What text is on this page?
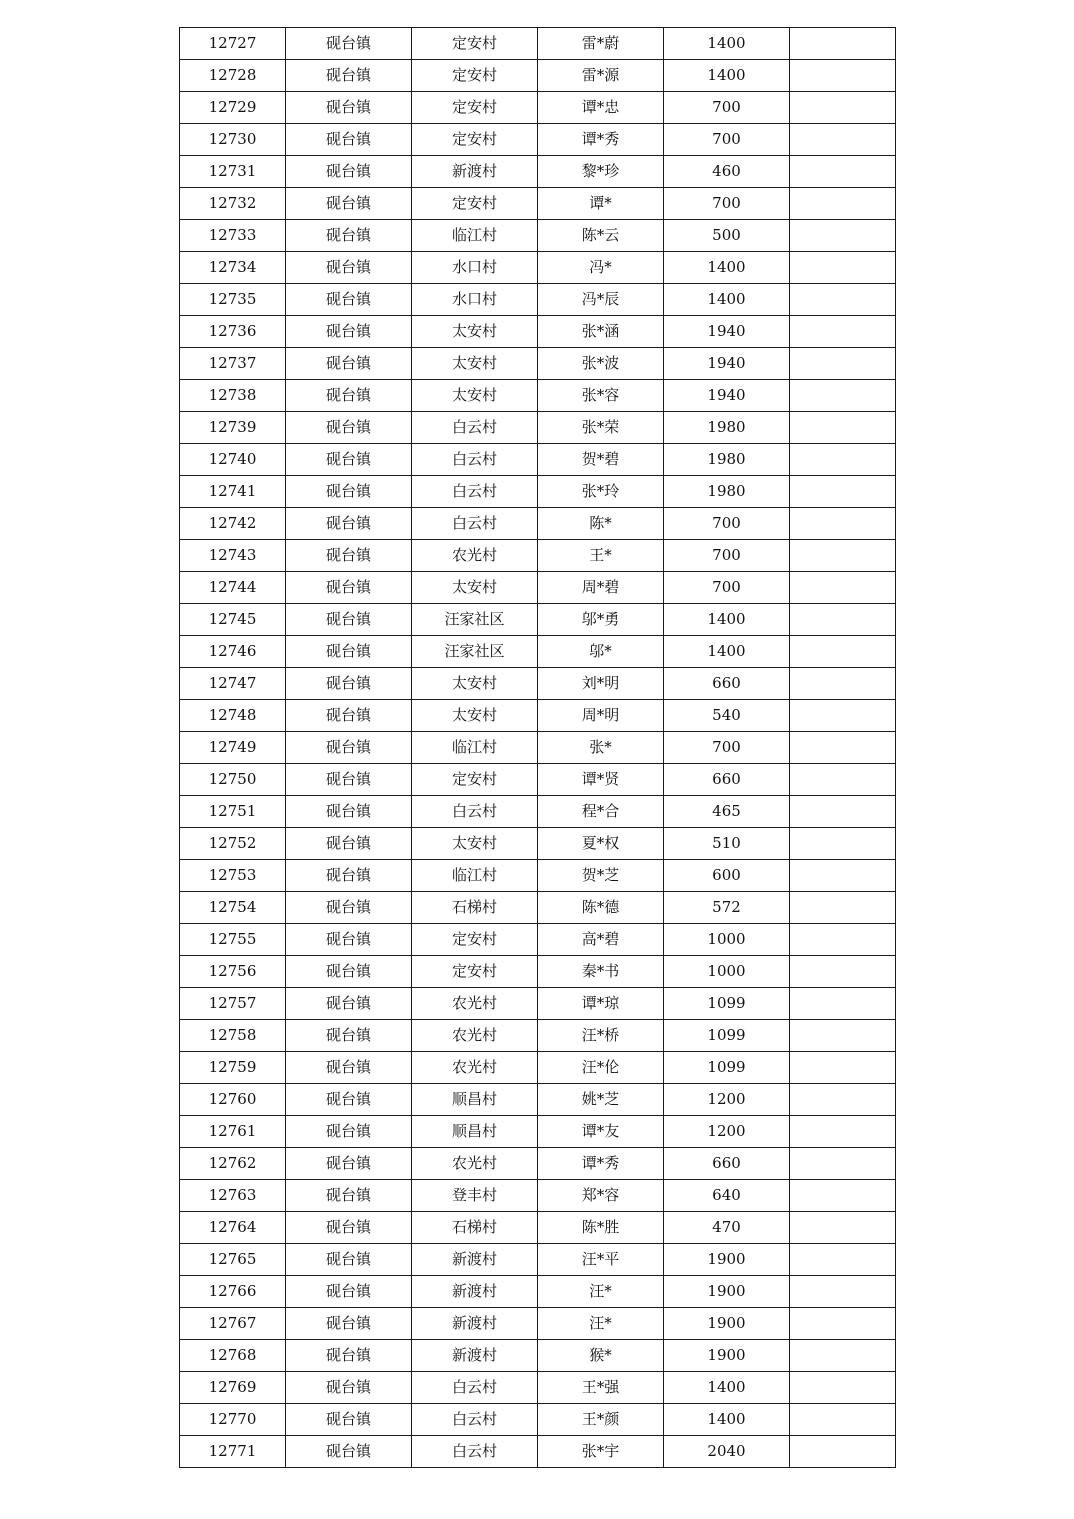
12727	砚台镇	定安村	雷*蔚	1400	
12728	砚台镇	定安村	雷*源	1400	
12729	砚台镇	定安村	谭*忠	700	
12730	砚台镇	定安村	谭*秀	700	
12731	砚台镇	新渡村	黎*珍	460	
12732	砚台镇	定安村	谭*	700	
12733	砚台镇	临江村	陈*云	500	
12734	砚台镇	水口村	冯*	1400	
12735	砚台镇	水口村	冯*辰	1400	
12736	砚台镇	太安村	张*涵	1940	
12737	砚台镇	太安村	张*波	1940	
12738	砚台镇	太安村	张*容	1940	
12739	砚台镇	白云村	张*荣	1980	
12740	砚台镇	白云村	贺*碧	1980	
12741	砚台镇	白云村	张*玲	1980	
12742	砚台镇	白云村	陈*	700	
12743	砚台镇	农光村	王*	700	
12744	砚台镇	太安村	周*碧	700	
12745	砚台镇	汪家社区	邬*勇	1400	
12746	砚台镇	汪家社区	邬*	1400	
12747	砚台镇	太安村	刘*明	660	
12748	砚台镇	太安村	周*明	540	
12749	砚台镇	临江村	张*	700	
12750	砚台镇	定安村	谭*贤	660	
12751	砚台镇	白云村	程*合	465	
12752	砚台镇	太安村	夏*权	510	
12753	砚台镇	临江村	贺*芝	600	
12754	砚台镇	石梯村	陈*德	572	
12755	砚台镇	定安村	高*碧	1000	
12756	砚台镇	定安村	秦*书	1000	
12757	砚台镇	农光村	谭*琼	1099	
12758	砚台镇	农光村	汪*桥	1099	
12759	砚台镇	农光村	汪*伦	1099	
12760	砚台镇	顺昌村	姚*芝	1200	
12761	砚台镇	顺昌村	谭*友	1200	
12762	砚台镇	农光村	谭*秀	660	
12763	砚台镇	登丰村	郑*容	640	
12764	砚台镇	石梯村	陈*胜	470	
12765	砚台镇	新渡村	汪*平	1900	
12766	砚台镇	新渡村	汪*	1900	
12767	砚台镇	新渡村	汪*	1900	
12768	砚台镇	新渡村	猴*	1900	
12769	砚台镇	白云村	王*强	1400	
12770	砚台镇	白云村	王*颜	1400	
12771	砚台镇	白云村	张*宇	2040	
